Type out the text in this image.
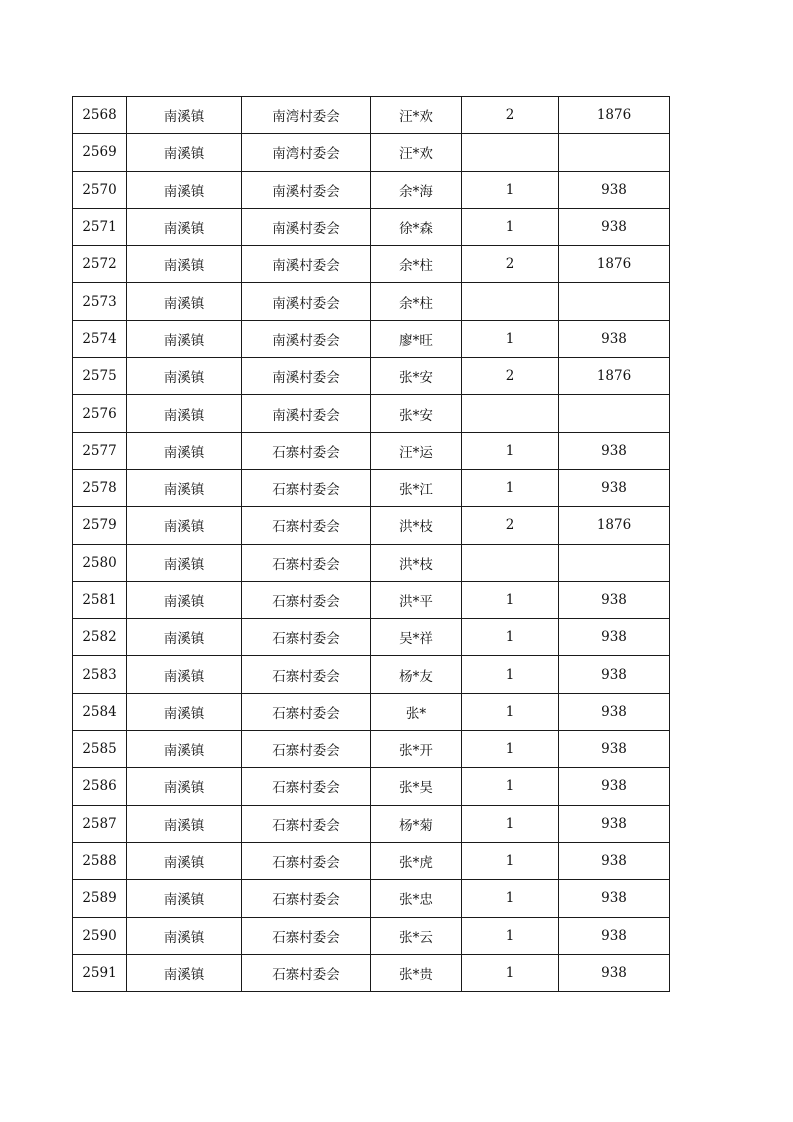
2568	南溪镇	南湾村委会	汪*欢	2	1876
2569	南溪镇	南湾村委会	汪*欢		
2570	南溪镇	南溪村委会	余*海	1	938
2571	南溪镇	南溪村委会	徐*森	1	938
2572	南溪镇	南溪村委会	余*柱	2	1876
2573	南溪镇	南溪村委会	余*柱		
2574	南溪镇	南溪村委会	廖*旺	1	938
2575	南溪镇	南溪村委会	张*安	2	1876
2576	南溪镇	南溪村委会	张*安		
2577	南溪镇	石寨村委会	汪*运	1	938
2578	南溪镇	石寨村委会	张*江	1	938
2579	南溪镇	石寨村委会	洪*枝	2	1876
2580	南溪镇	石寨村委会	洪*枝		
2581	南溪镇	石寨村委会	洪*平	1	938
2582	南溪镇	石寨村委会	吴*祥	1	938
2583	南溪镇	石寨村委会	杨*友	1	938
2584	南溪镇	石寨村委会	张*	1	938
2585	南溪镇	石寨村委会	张*开	1	938
2586	南溪镇	石寨村委会	张*昊	1	938
2587	南溪镇	石寨村委会	杨*菊	1	938
2588	南溪镇	石寨村委会	张*虎	1	938
2589	南溪镇	石寨村委会	张*忠	1	938
2590	南溪镇	石寨村委会	张*云	1	938
2591	南溪镇	石寨村委会	张*贵	1	938
